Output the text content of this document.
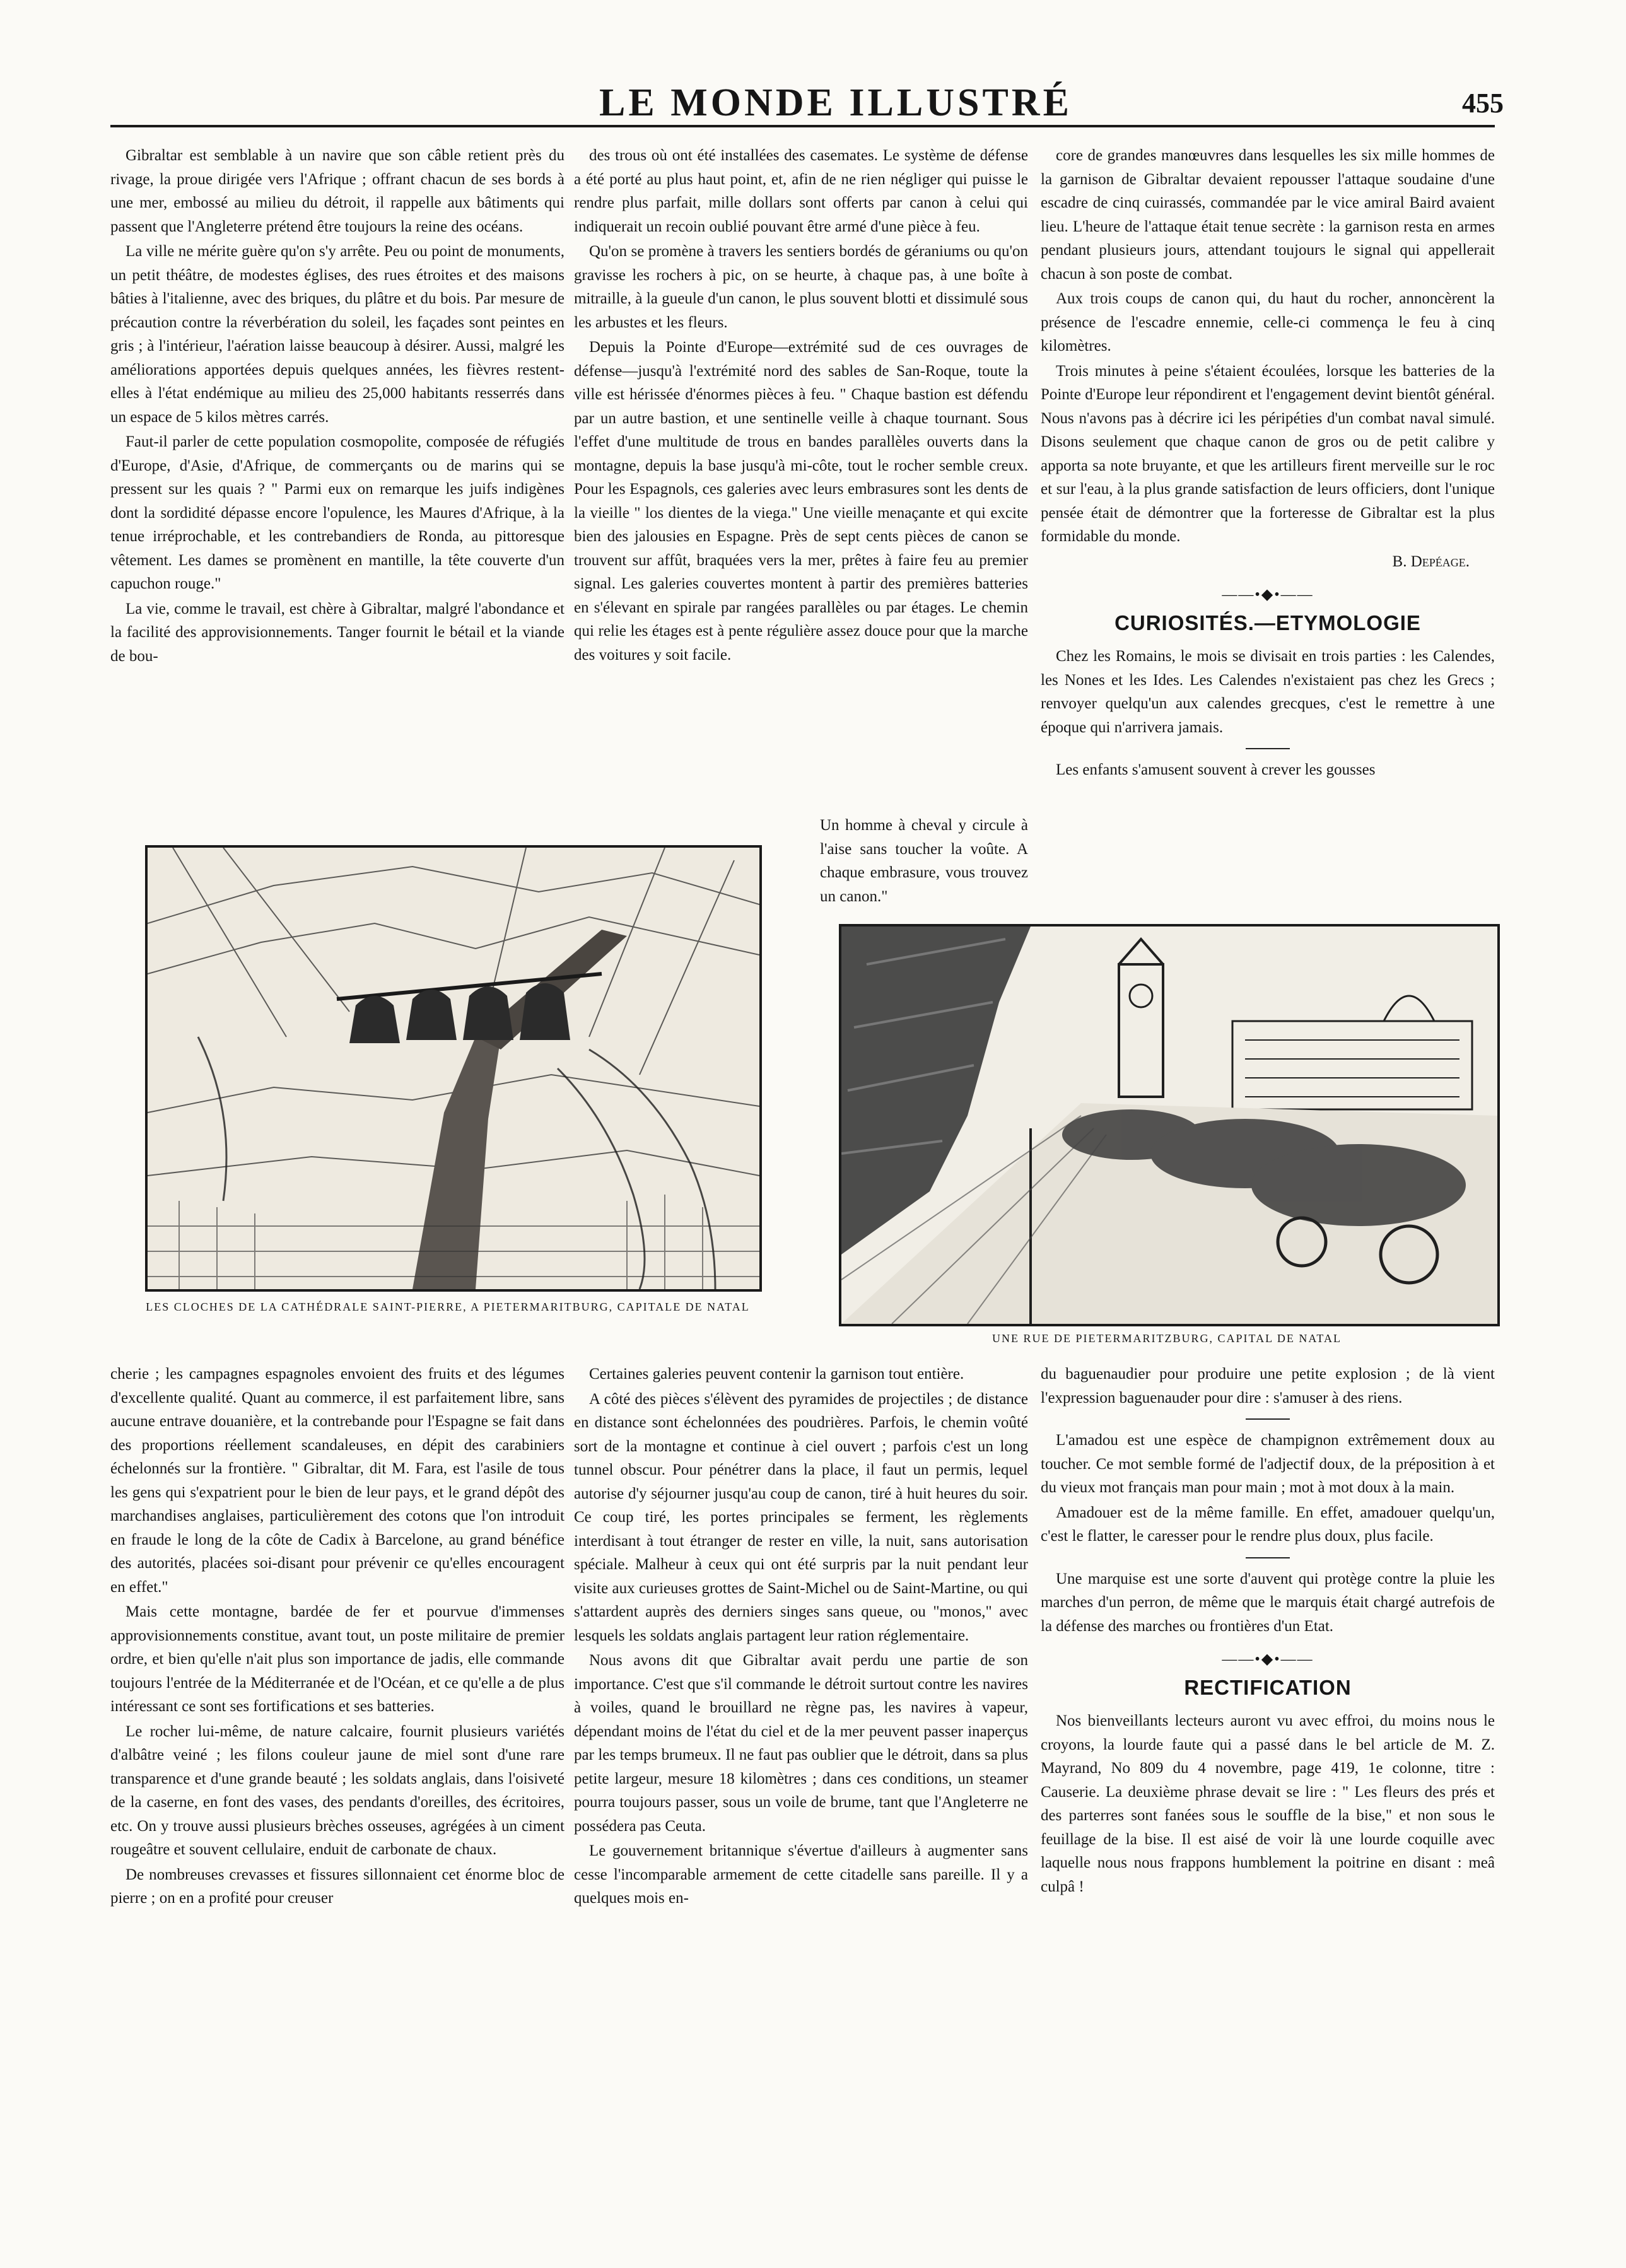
LE MONDE ILLUSTRÉ	455

Gibraltar est semblable à un navire que son câble retient près du rivage, la proue dirigée vers l'Afrique ; offrant chacun de ses bords à une mer, embossé au milieu du détroit, il rappelle aux bâtiments qui passent que l'Angleterre prétend être toujours la reine des océans.

La ville ne mérite guère qu'on s'y arrête. Peu ou point de monuments, un petit théâtre, de modestes églises, des rues étroites et des maisons bâties à l'italienne, avec des briques, du plâtre et du bois. Par mesure de précaution contre la réverbération du soleil, les façades sont peintes en gris ; à l'intérieur, l'aération laisse beaucoup à désirer. Aussi, malgré les améliorations apportées depuis quelques années, les fièvres restent-elles à l'état endémique au milieu des 25,000 habitants resserrés dans un espace de 5 kilos mètres carrés.

Faut-il parler de cette population cosmopolite, composée de réfugiés d'Europe, d'Asie, d'Afrique, de commerçants ou de marins qui se pressent sur les quais ? " Parmi eux on remarque les juifs indigènes dont la sordidité dépasse encore l'opulence, les Maures d'Afrique, à la tenue irréprochable, et les contrebandiers de Ronda, au pittoresque vêtement. Les dames se promènent en mantille, la tête couverte d'un capuchon rouge."

La vie, comme le travail, est chère à Gibraltar, malgré l'abondance et la facilité des approvisionnements. Tanger fournit le bétail et la viande de bou-

des trous où ont été installées des casemates. Le système de défense a été porté au plus haut point, et, afin de ne rien négliger qui puisse le rendre plus parfait, mille dollars sont offerts par canon à celui qui indiquerait un recoin oublié pouvant être armé d'une pièce à feu.

Qu'on se promène à travers les sentiers bordés de géraniums ou qu'on gravisse les rochers à pic, on se heurte, à chaque pas, à une boîte à mitraille, à la gueule d'un canon, le plus souvent blotti et dissimulé sous les arbustes et les fleurs.

Depuis la Pointe d'Europe—extrémité sud de ces ouvrages de défense—jusqu'à l'extrémité nord des sables de San-Roque, toute la ville est hérissée d'énormes pièces à feu. " Chaque bastion est défendu par un autre bastion, et une sentinelle veille à chaque tournant. Sous l'effet d'une multitude de trous en bandes parallèles ouverts dans la montagne, depuis la base jusqu'à mi-côte, tout le rocher semble creux. Pour les Espagnols, ces galeries avec leurs embrasures sont les dents de la vieille " los dientes de la viega." Une vieille menaçante et qui excite bien des jalousies en Espagne. Près de sept cents pièces de canon se trouvent sur affût, braquées vers la mer, prêtes à faire feu au premier signal. Les galeries couvertes montent à partir des premières batteries en s'élevant en spirale par rangées parallèles ou par étages. Le chemin qui relie les étages est à pente régulière assez douce pour que la marche des voitures y soit facile.

Un homme à cheval y circule à l'aise sans toucher la voûte. A chaque embrasure, vous trouvez un canon."

core de grandes manœuvres dans lesquelles les six mille hommes de la garnison de Gibraltar devaient repousser l'attaque soudaine d'une escadre de cinq cuirassés, commandée par le vice amiral Baird avaient lieu. L'heure de l'attaque était tenue secrète : la garnison resta en armes pendant plusieurs jours, attendant toujours le signal qui appellerait chacun à son poste de combat.

Aux trois coups de canon qui, du haut du rocher, annoncèrent la présence de l'escadre ennemie, celle-ci commença le feu à cinq kilomètres.

Trois minutes à peine s'étaient écoulées, lorsque les batteries de la Pointe d'Europe leur répondirent et l'engagement devint bientôt général. Nous n'avons pas à décrire ici les péripéties d'un combat naval simulé. Disons seulement que chaque canon de gros ou de petit calibre y apporta sa note bruyante, et que les artilleurs firent merveille sur le roc et sur l'eau, à la plus grande satisfaction de leurs officiers, dont l'unique pensée était de démontrer que la forteresse de Gibraltar est la plus formidable du monde.

B. Depéage.

——•◆•——

CURIOSITÉS.—ETYMOLOGIE

Chez les Romains, le mois se divisait en trois parties : les Calendes, les Nones et les Ides. Les Calendes n'existaient pas chez les Grecs ; renvoyer quelqu'un aux calendes grecques, c'est le remettre à une époque qui n'arrivera jamais.

Les enfants s'amusent souvent à crever les gousses

LES CLOCHES DE LA CATHÉDRALE SAINT-PIERRE, A PIETERMARITBURG, CAPITALE DE NATAL
UNE RUE DE PIETERMARITZBURG, CAPITAL DE NATAL

cherie ; les campagnes espagnoles envoient des fruits et des légumes d'excellente qualité. Quant au commerce, il est parfaitement libre, sans aucune entrave douanière, et la contrebande pour l'Espagne se fait dans des proportions réellement scandaleuses, en dépit des carabiniers échelonnés sur la frontière. " Gibraltar, dit M. Fara, est l'asile de tous les gens qui s'expatrient pour le bien de leur pays, et le grand dépôt des marchandises anglaises, particulièrement des cotons que l'on introduit en fraude le long de la côte de Cadix à Barcelone, au grand bénéfice des autorités, placées soi-disant pour prévenir ce qu'elles encouragent en effet."

Mais cette montagne, bardée de fer et pourvue d'immenses approvisionnements constitue, avant tout, un poste militaire de premier ordre, et bien qu'elle n'ait plus son importance de jadis, elle commande toujours l'entrée de la Méditerranée et de l'Océan, et ce qu'elle a de plus intéressant ce sont ses fortifications et ses batteries.

Le rocher lui-même, de nature calcaire, fournit plusieurs variétés d'albâtre veiné ; les filons couleur jaune de miel sont d'une rare transparence et d'une grande beauté ; les soldats anglais, dans l'oisiveté de la caserne, en font des vases, des pendants d'oreilles, des écritoires, etc. On y trouve aussi plusieurs brèches osseuses, agrégées à un ciment rougeâtre et souvent cellulaire, enduit de carbonate de chaux.

De nombreuses crevasses et fissures sillonnaient cet énorme bloc de pierre ; on en a profité pour creuser

Certaines galeries peuvent contenir la garnison tout entière.

A côté des pièces s'élèvent des pyramides de projectiles ; de distance en distance sont échelonnées des poudrières. Parfois, le chemin voûté sort de la montagne et continue à ciel ouvert ; parfois c'est un long tunnel obscur. Pour pénétrer dans la place, il faut un permis, lequel autorise d'y séjourner jusqu'au coup de canon, tiré à huit heures du soir. Ce coup tiré, les portes principales se ferment, les règlements interdisant à tout étranger de rester en ville, la nuit, sans autorisation spéciale. Malheur à ceux qui ont été surpris par la nuit pendant leur visite aux curieuses grottes de Saint-Michel ou de Saint-Martine, ou qui s'attardent auprès des derniers singes sans queue, ou "monos," avec lesquels les soldats anglais partagent leur ration réglementaire.

Nous avons dit que Gibraltar avait perdu une partie de son importance. C'est que s'il commande le détroit surtout contre les navires à voiles, quand le brouillard ne règne pas, les navires à vapeur, dépendant moins de l'état du ciel et de la mer peuvent passer inaperçus par les temps brumeux. Il ne faut pas oublier que le détroit, dans sa plus petite largeur, mesure 18 kilomètres ; dans ces conditions, un steamer pourra toujours passer, sous un voile de brume, tant que l'Angleterre ne possédera pas Ceuta.

Le gouvernement britannique s'évertue d'ailleurs à augmenter sans cesse l'incomparable armement de cette citadelle sans pareille. Il y a quelques mois en-

du baguenaudier pour produire une petite explosion ; de là vient l'expression baguenauder pour dire : s'amuser à des riens.

L'amadou est une espèce de champignon extrêmement doux au toucher. Ce mot semble formé de l'adjectif doux, de la préposition à et du vieux mot français man pour main ; mot à mot doux à la main.

Amadouer est de la même famille. En effet, amadouer quelqu'un, c'est le flatter, le caresser pour le rendre plus doux, plus facile.

Une marquise est une sorte d'auvent qui protège contre la pluie les marches d'un perron, de même que le marquis était chargé autrefois de la défense des marches ou frontières d'un Etat.

——•◆•——

RECTIFICATION

Nos bienveillants lecteurs auront vu avec effroi, du moins nous le croyons, la lourde faute qui a passé dans le bel article de M. Z. Mayrand, No 809 du 4 novembre, page 419, 1e colonne, titre : Causerie. La deuxième phrase devait se lire : " Les fleurs des prés et des parterres sont fanées sous le souffle de la bise," et non sous le feuillage de la bise. Il est aisé de voir là une lourde coquille avec laquelle nous nous frappons humblement la poitrine en disant : meâ culpâ !
